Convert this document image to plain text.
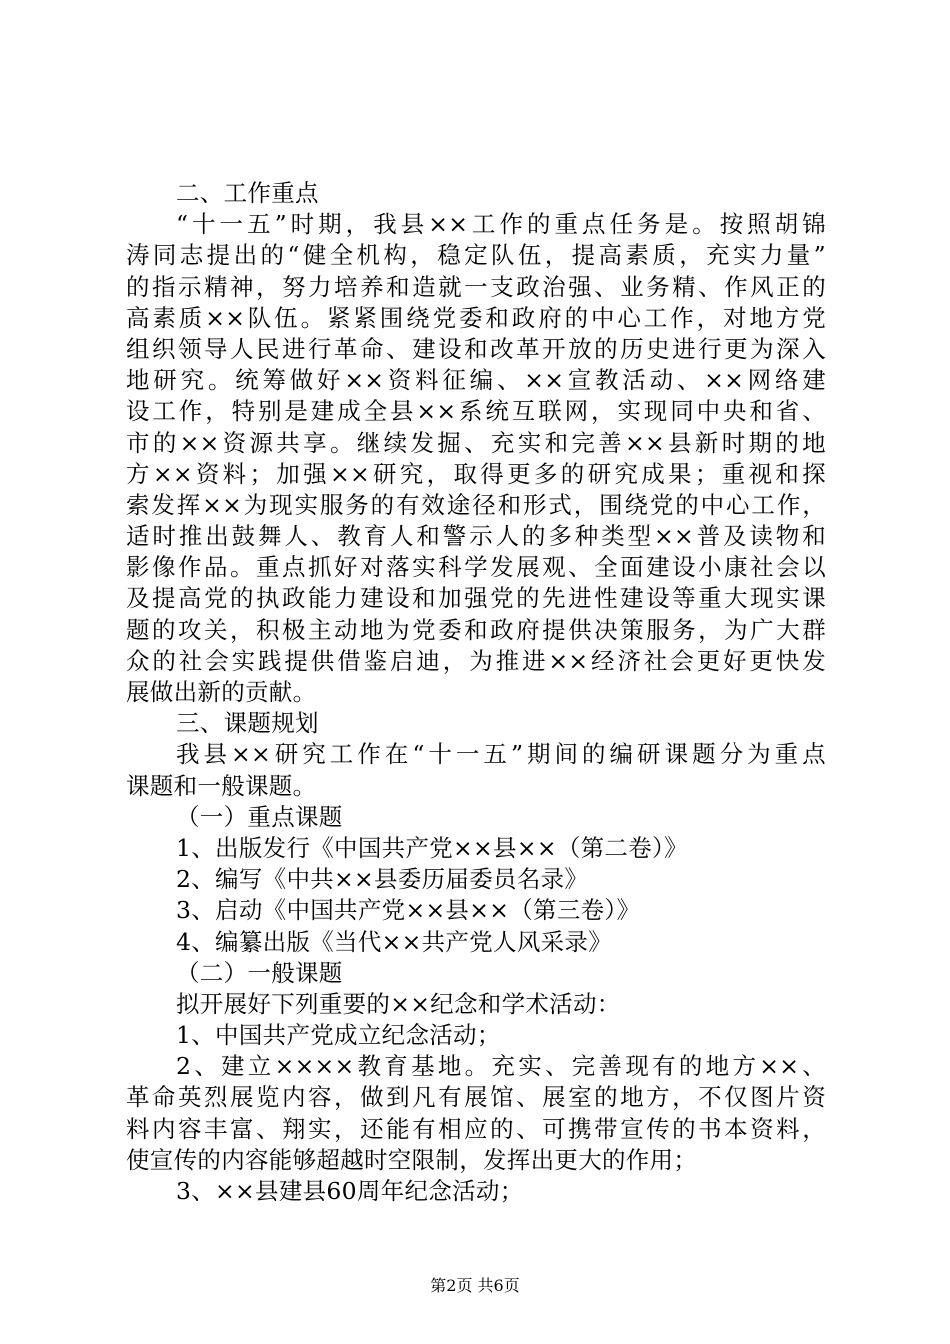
二、工作重点
“十一五”时期，我县××工作的重点任务是。按照胡锦
涛同志提出的“健全机构，稳定队伍，提高素质，充实力量”
的指示精神，努力培养和造就一支政治强、业务精、作风正的
高素质××队伍。紧紧围绕党委和政府的中心工作，对地方党
组织领导人民进行革命、建设和改革开放的历史进行更为深入
地研究。统筹做好××资料征编、××宣教活动、××网络建
设工作，特别是建成全县××系统互联网，实现同中央和省、
市的××资源共享。继续发掘、充实和完善××县新时期的地
方××资料；加强××研究，取得更多的研究成果；重视和探
索发挥××为现实服务的有效途径和形式，围绕党的中心工作，
适时推出鼓舞人、教育人和警示人的多种类型××普及读物和
影像作品。重点抓好对落实科学发展观、全面建设小康社会以
及提高党的执政能力建设和加强党的先进性建设等重大现实课
题的攻关，积极主动地为党委和政府提供决策服务，为广大群
众的社会实践提供借鉴启迪，为推进××经济社会更好更快发
展做出新的贡献。
三、课题规划
我县××研究工作在“十一五”期间的编研课题分为重点
课题和一般课题。
（一）重点课题
1、出版发行《中国共产党××县××（第二卷）》
2、编写《中共××县委历届委员名录》
3、启动《中国共产党××县××（第三卷）》
4、编纂出版《当代××共产党人风采录》
（二）一般课题
拟开展好下列重要的××纪念和学术活动：
1、中国共产党成立纪念活动；
2、建立××××教育基地。充实、完善现有的地方××、
革命英烈展览内容，做到凡有展馆、展室的地方，不仅图片资
料内容丰富、翔实，还能有相应的、可携带宣传的书本资料，
使宣传的内容能够超越时空限制，发挥出更大的作用；
3、××县建县60周年纪念活动；
第2页 共6页
